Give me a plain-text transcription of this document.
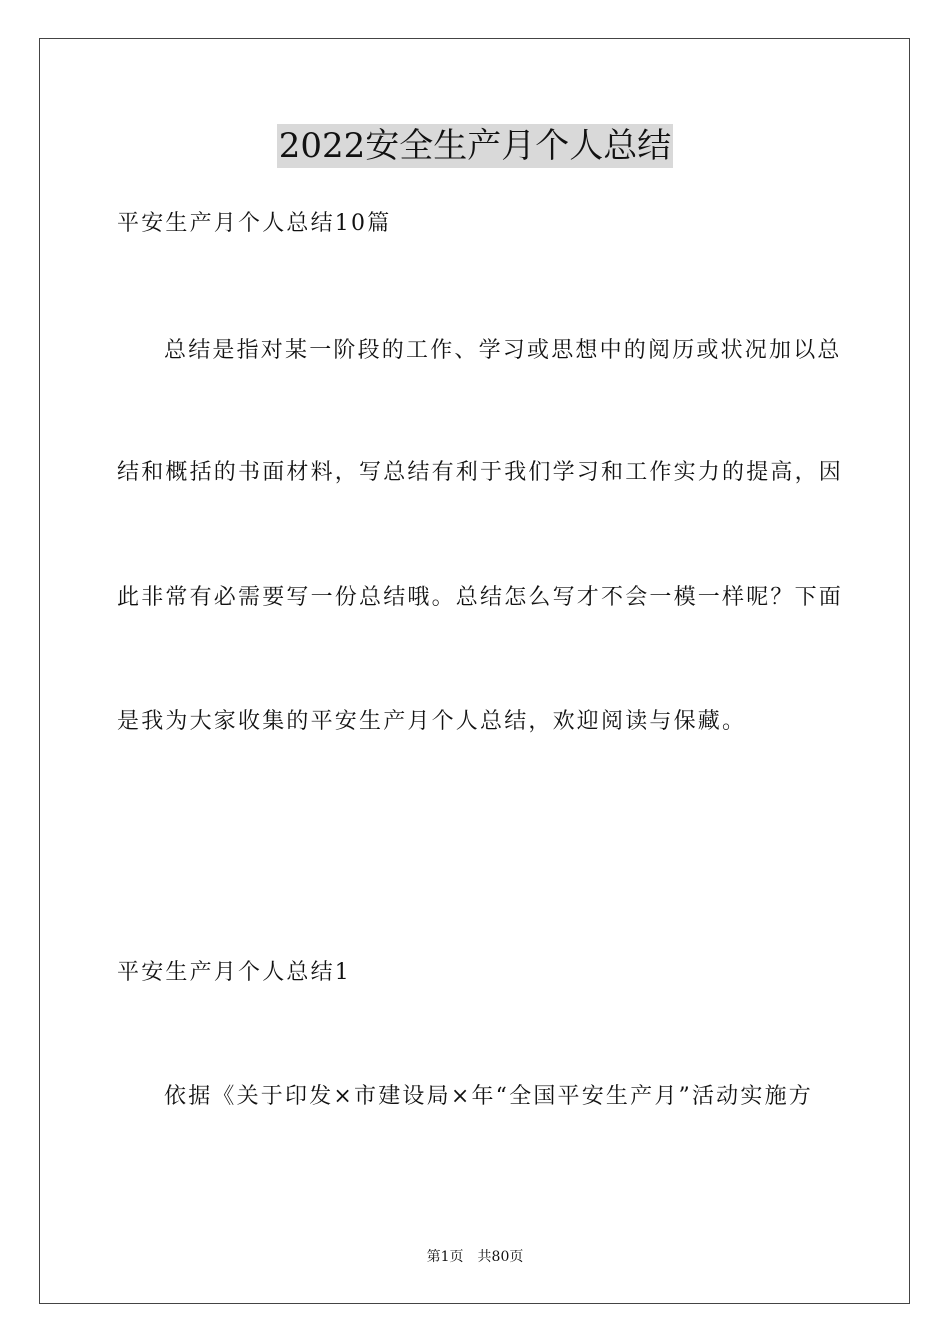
2022安全生产月个人总结
平安生产月个人总结10篇
总结是指对某一阶段的工作、学习或思想中的阅历或状况加以总
结和概括的书面材料，写总结有利于我们学习和工作实力的提高，因
此非常有必需要写一份总结哦。总结怎么写才不会一模一样呢？下面
是我为大家收集的平安生产月个人总结，欢迎阅读与保藏。
平安生产月个人总结1
依据《关于印发×市建设局×年“全国平安生产月”活动实施方
第1页 共80页
